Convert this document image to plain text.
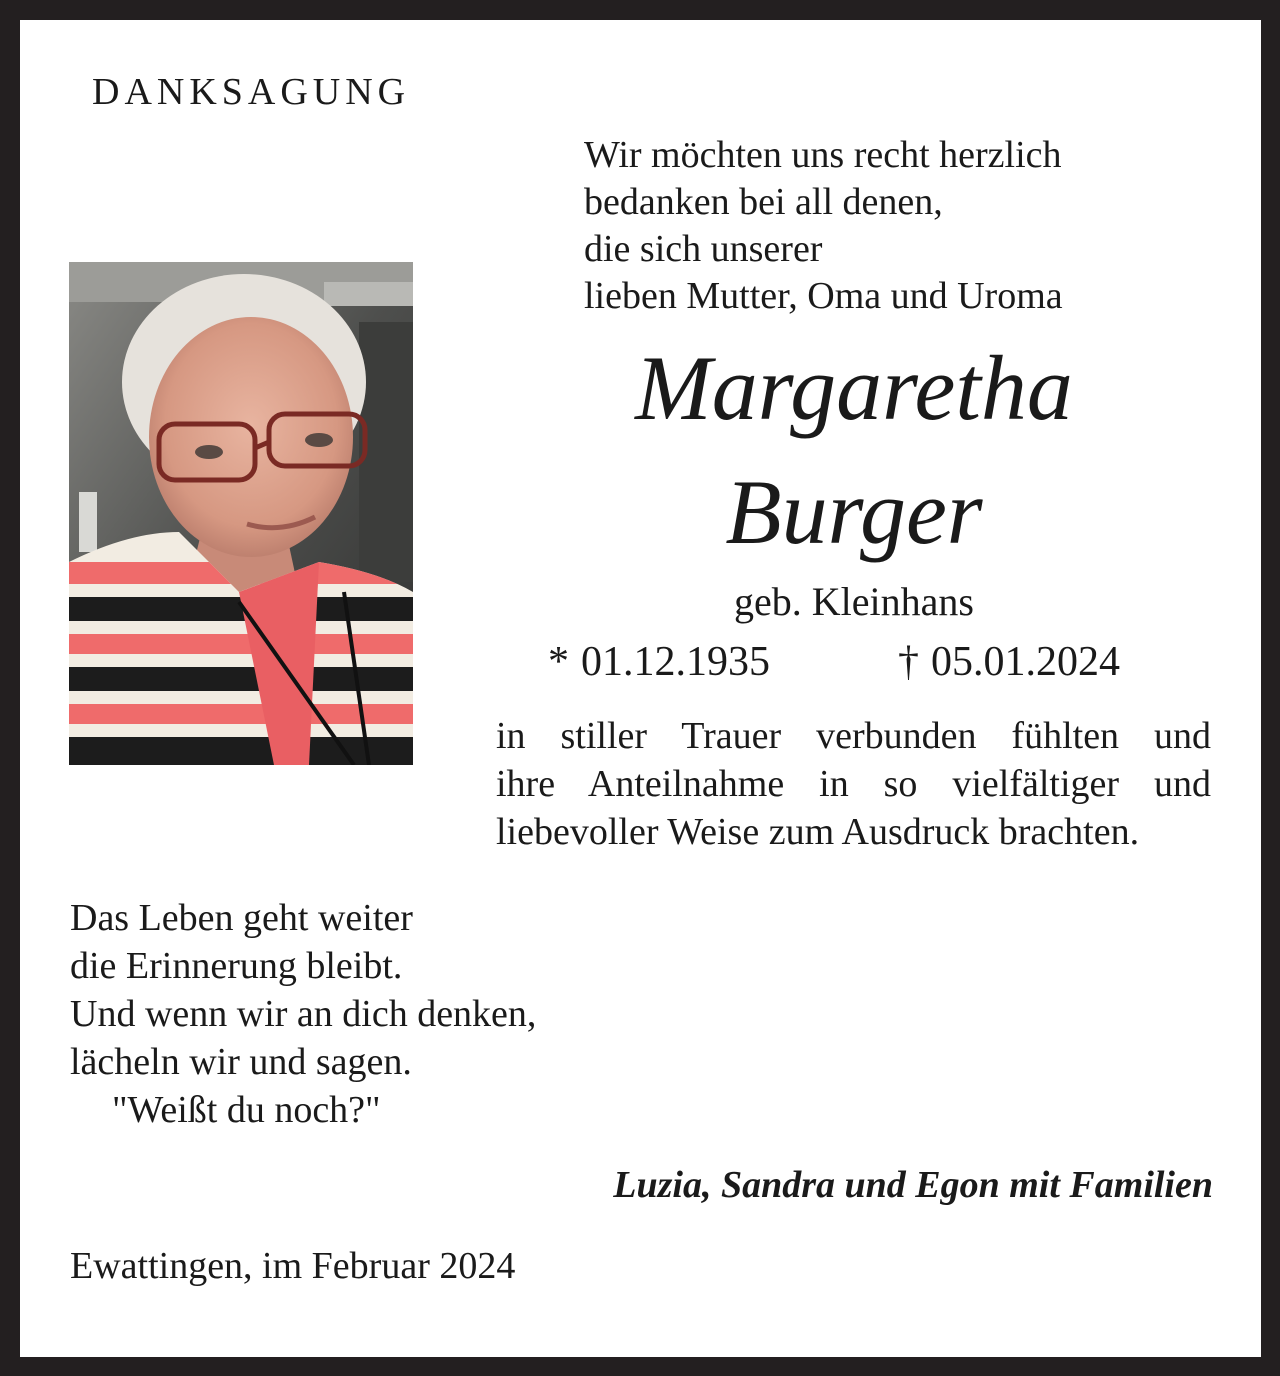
DANKSAGUNG
Wir möchten uns recht herzlich
bedanken bei all denen,
die sich unserer
lieben Mutter, Oma und Uroma
Margaretha
Burger
geb. Kleinhans
* 01.12.1935	† 05.01.2024
in stiller Trauer verbunden fühlten und
ihre Anteilnahme in so vielfältiger und
liebevoller Weise zum Ausdruck brachten.
Das Leben geht weiter
die Erinnerung bleibt.
Und wenn wir an dich denken,
lächeln wir und sagen.
"Weißt du noch?"
Luzia, Sandra und Egon mit Familien
Ewattingen, im Februar 2024
